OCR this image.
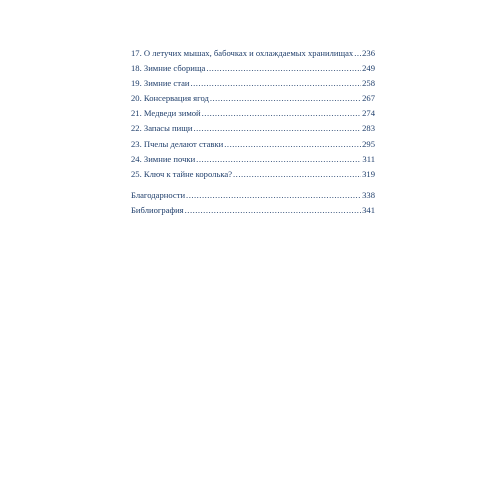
17. О летучих мышах, бабочках и охлаждаемых хранилищах ..... 236
18. Зимние сборища .....	249
19. Зимние стаи .....	258
20. Консервация ягод .....	267
21. Медведи зимой .....	274
22. Запасы пищи .....	283
23. Пчелы делают ставки .....	295
24. Зимние почки .....	311
25. Ключ к тайне королька? .....	319
Благодарности .....	338
Библиография .....	341
